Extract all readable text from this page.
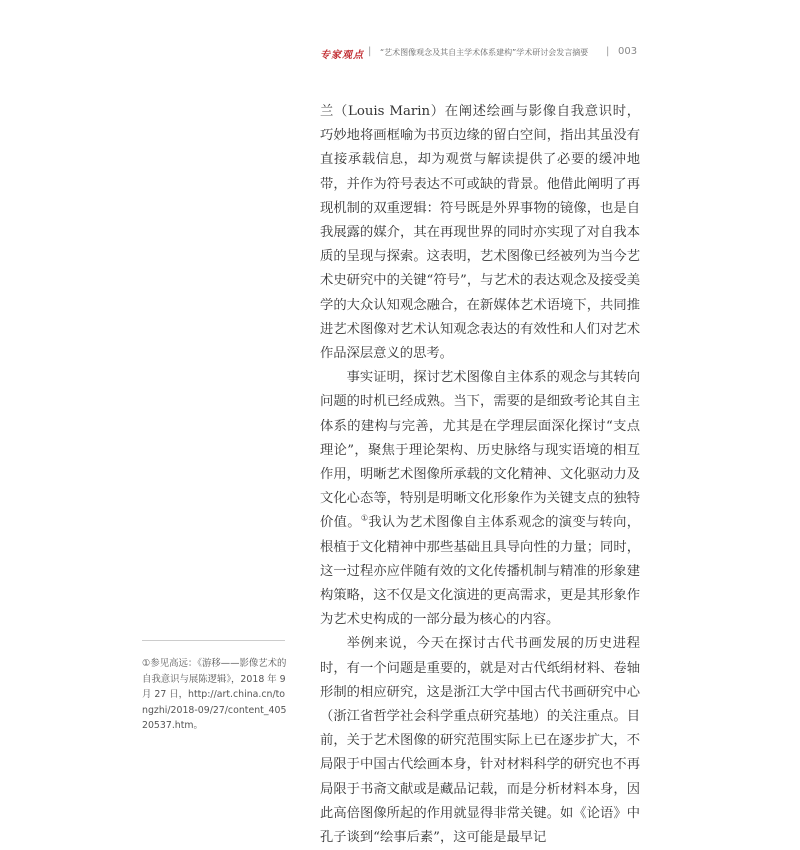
专家观点 | “艺术图像观念及其自主学术体系建构”学术研讨会发言摘要	| 003

兰（Louis Marin）在阐述绘画与影像自我意识时，巧妙地将画框喻为书页边缘的留白空间，指出其虽没有直接承载信息，却为观赏与解读提供了必要的缓冲地带，并作为符号表达不可或缺的背景。他借此阐明了再现机制的双重逻辑：符号既是外界事物的镜像，也是自我展露的媒介，其在再现世界的同时亦实现了对自我本质的呈现与探索。这表明，艺术图像已经被列为当今艺术史研究中的关键“符号”，与艺术的表达观念及接受美学的大众认知观念融合，在新媒体艺术语境下，共同推进艺术图像对艺术认知观念表达的有效性和人们对艺术作品深层意义的思考。

事实证明，探讨艺术图像自主体系的观念与其转向问题的时机已经成熟。当下，需要的是细致考论其自主体系的建构与完善，尤其是在学理层面深化探讨“支点理论”，聚焦于理论架构、历史脉络与现实语境的相互作用，明晰艺术图像所承载的文化精神、文化驱动力及文化心态等，特别是明晰文化形象作为关键支点的独特价值。①我认为艺术图像自主体系观念的演变与转向，根植于文化精神中那些基础且具导向性的力量；同时，这一过程亦应伴随有效的文化传播机制与精准的形象建构策略，这不仅是文化演进的更高需求，更是其形象作为艺术史构成的一部分最为核心的内容。

举例来说，今天在探讨古代书画发展的历史进程时，有一个问题是重要的，就是对古代纸绢材料、卷轴形制的相应研究，这是浙江大学中国古代书画研究中心（浙江省哲学社会科学重点研究基地）的关注重点。目前，关于艺术图像的研究范围实际上已在逐步扩大，不局限于中国古代绘画本身，针对材料科学的研究也不再局限于书斋文献或是藏品记载，而是分析材料本身，因此高倍图像所起的作用就显得非常关键。如《论语》中孔子谈到“绘事后素”，这可能是最早记

①参见高远：《游移——影像艺术的自我意识与展陈逻辑》，2018 年 9 月 27 日，http://art.china.cn/tongzhi/2018-09/27/content_40520537.htm。
